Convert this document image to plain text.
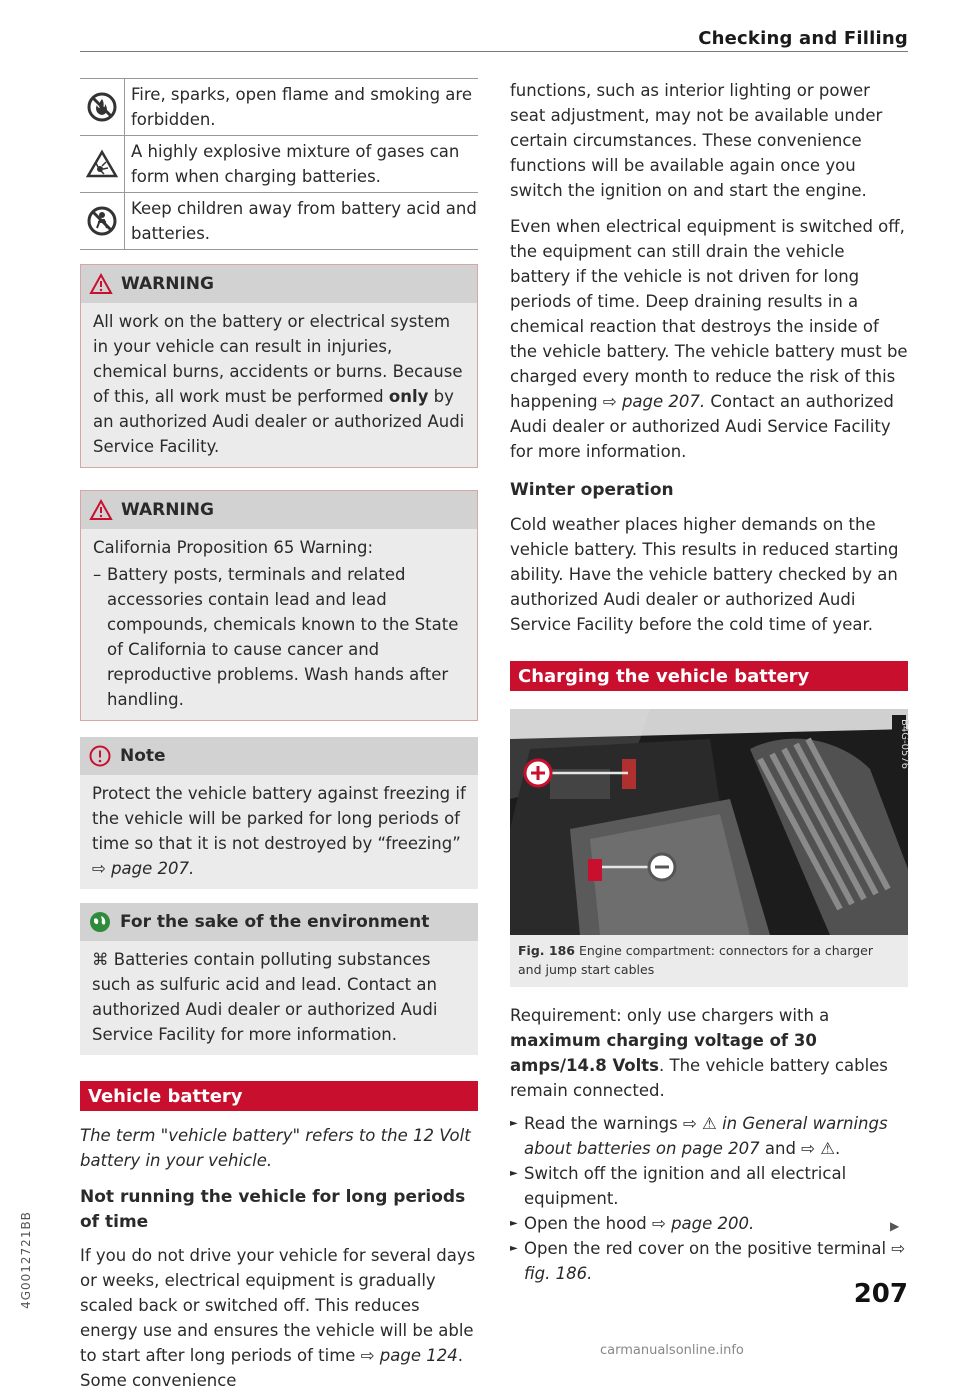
Checking and Filling
Fire, sparks, open flame and smoking are forbidden.
A highly explosive mixture of gases can form when charging batteries.
Keep children away from battery acid and batteries.
WARNING

All work on the battery or electrical system in your vehicle can result in injuries, chemical burns, accidents or burns. Because of this, all work must be performed only by an authorized Audi dealer or authorized Audi Service Facility.

WARNING

California Proposition 65 Warning:

– Battery posts, terminals and related accessories contain lead and lead compounds, chemicals known to the State of California to cause cancer and reproductive problems. Wash hands after handling.
Note

Protect the vehicle battery against freezing if the vehicle will be parked for long periods of time so that it is not destroyed by “freezing”
⇨ page 207.

For the sake of the environment

⌘ Batteries contain polluting substances such as sulfuric acid and lead. Contact an authorized Audi dealer or authorized Audi Service Facility for more information.

Vehicle battery

The term "vehicle battery" refers to the 12 Volt battery in your vehicle.

Not running the vehicle for long periods of time

If you do not drive your vehicle for several days or weeks, electrical equipment is gradually scaled back or switched off. This reduces energy use and ensures the vehicle will be able to start after long periods of time ⇨ page 124. Some convenience

functions, such as interior lighting or power seat adjustment, may not be available under certain circumstances. These convenience functions will be available again once you switch the ignition on and start the engine.

Even when electrical equipment is switched off, the equipment can still drain the vehicle battery if the vehicle is not driven for long periods of time. Deep draining results in a chemical reaction that destroys the inside of the vehicle battery. The vehicle battery must be charged every month to reduce the risk of this happening ⇨ page 207. Contact an authorized Audi dealer or authorized Audi Service Facility for more information.

Winter operation

Cold weather places higher demands on the vehicle battery. This results in reduced starting ability. Have the vehicle battery checked by an authorized Audi dealer or authorized Audi Service Facility before the cold time of year.

Charging the vehicle battery
B4G-0576
Fig. 186 Engine compartment: connectors for a charger and jump start cables

Requirement: only use chargers with a maximum charging voltage of 30 amps/14.8 Volts. The vehicle battery cables remain connected.

► Read the warnings ⇨ ⚠ in General warnings about batteries on page 207 and ⇨ ⚠.
► Switch off the ignition and all electrical equipment.
► Open the hood ⇨ page 200.
► Open the red cover on the positive terminal ⇨ fig. 186.
▶
207
4G0012721BB
carmanualsonline.info
